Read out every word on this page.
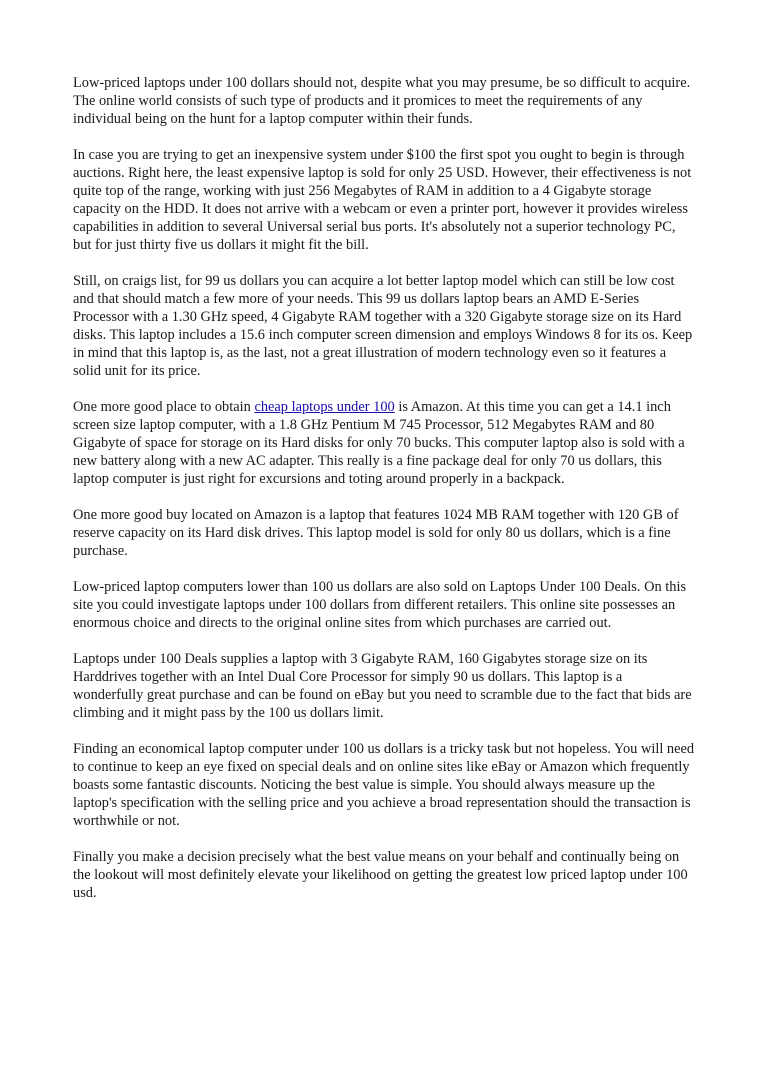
Low-priced laptops under 100 dollars should not, despite what you may presume, be so difficult to acquire. The online world consists of such type of products and it promices to meet the requirements of any individual being on the hunt for a laptop computer within their funds.

In case you are trying to get an inexpensive system under $100 the first spot you ought to begin is through auctions. Right here, the least expensive laptop is sold for only 25 USD. However, their effectiveness is not quite top of the range, working with just 256 Megabytes of RAM in addition to a 4 Gigabyte storage capacity on the HDD. It does not arrive with a webcam or even a printer port, however it provides wireless capabilities in addition to several Universal serial bus ports. It's absolutely not a superior technology PC, but for just thirty five us dollars it might fit the bill.

Still, on craigs list, for 99 us dollars you can acquire a lot better laptop model which can still be low cost and that should match a few more of your needs. This 99 us dollars laptop bears an AMD E-Series Processor with a 1.30 GHz speed, 4 Gigabyte RAM together with a 320 Gigabyte storage size on its Hard disks. This laptop includes a 15.6 inch computer screen dimension and employs Windows 8 for its os. Keep in mind that this laptop is, as the last, not a great illustration of modern technology even so it features a solid unit for its price.

One more good place to obtain cheap laptops under 100 is Amazon. At this time you can get a 14.1 inch screen size laptop computer, with a 1.8 GHz Pentium M 745 Processor, 512 Megabytes RAM and 80 Gigabyte of space for storage on its Hard disks for only 70 bucks. This computer laptop also is sold with a new battery along with a new AC adapter. This really is a fine package deal for only 70 us dollars, this laptop computer is just right for excursions and toting around properly in a backpack.

One more good buy located on Amazon is a laptop that features 1024 MB RAM together with 120 GB of reserve capacity on its Hard disk drives. This laptop model is sold for only 80 us dollars, which is a fine purchase.

Low-priced laptop computers lower than 100 us dollars are also sold on Laptops Under 100 Deals. On this site you could investigate laptops under 100 dollars from different retailers. This online site possesses an enormous choice and directs to the original online sites from which purchases are carried out.

Laptops under 100 Deals supplies a laptop with 3 Gigabyte RAM, 160 Gigabytes storage size on its Harddrives together with an Intel Dual Core Processor for simply 90 us dollars. This laptop is a wonderfully great purchase and can be found on eBay but you need to scramble due to the fact that bids are climbing and it might pass by the 100 us dollars limit.

Finding an economical laptop computer under 100 us dollars is a tricky task but not hopeless. You will need to continue to keep an eye fixed on special deals and on online sites like eBay or Amazon which frequently boasts some fantastic discounts. Noticing the best value is simple. You should always measure up the laptop's specification with the selling price and you achieve a broad representation should the transaction is worthwhile or not.

Finally you make a decision precisely what the best value means on your behalf and continually being on the lookout will most definitely elevate your likelihood on getting the greatest low priced laptop under 100 usd.
